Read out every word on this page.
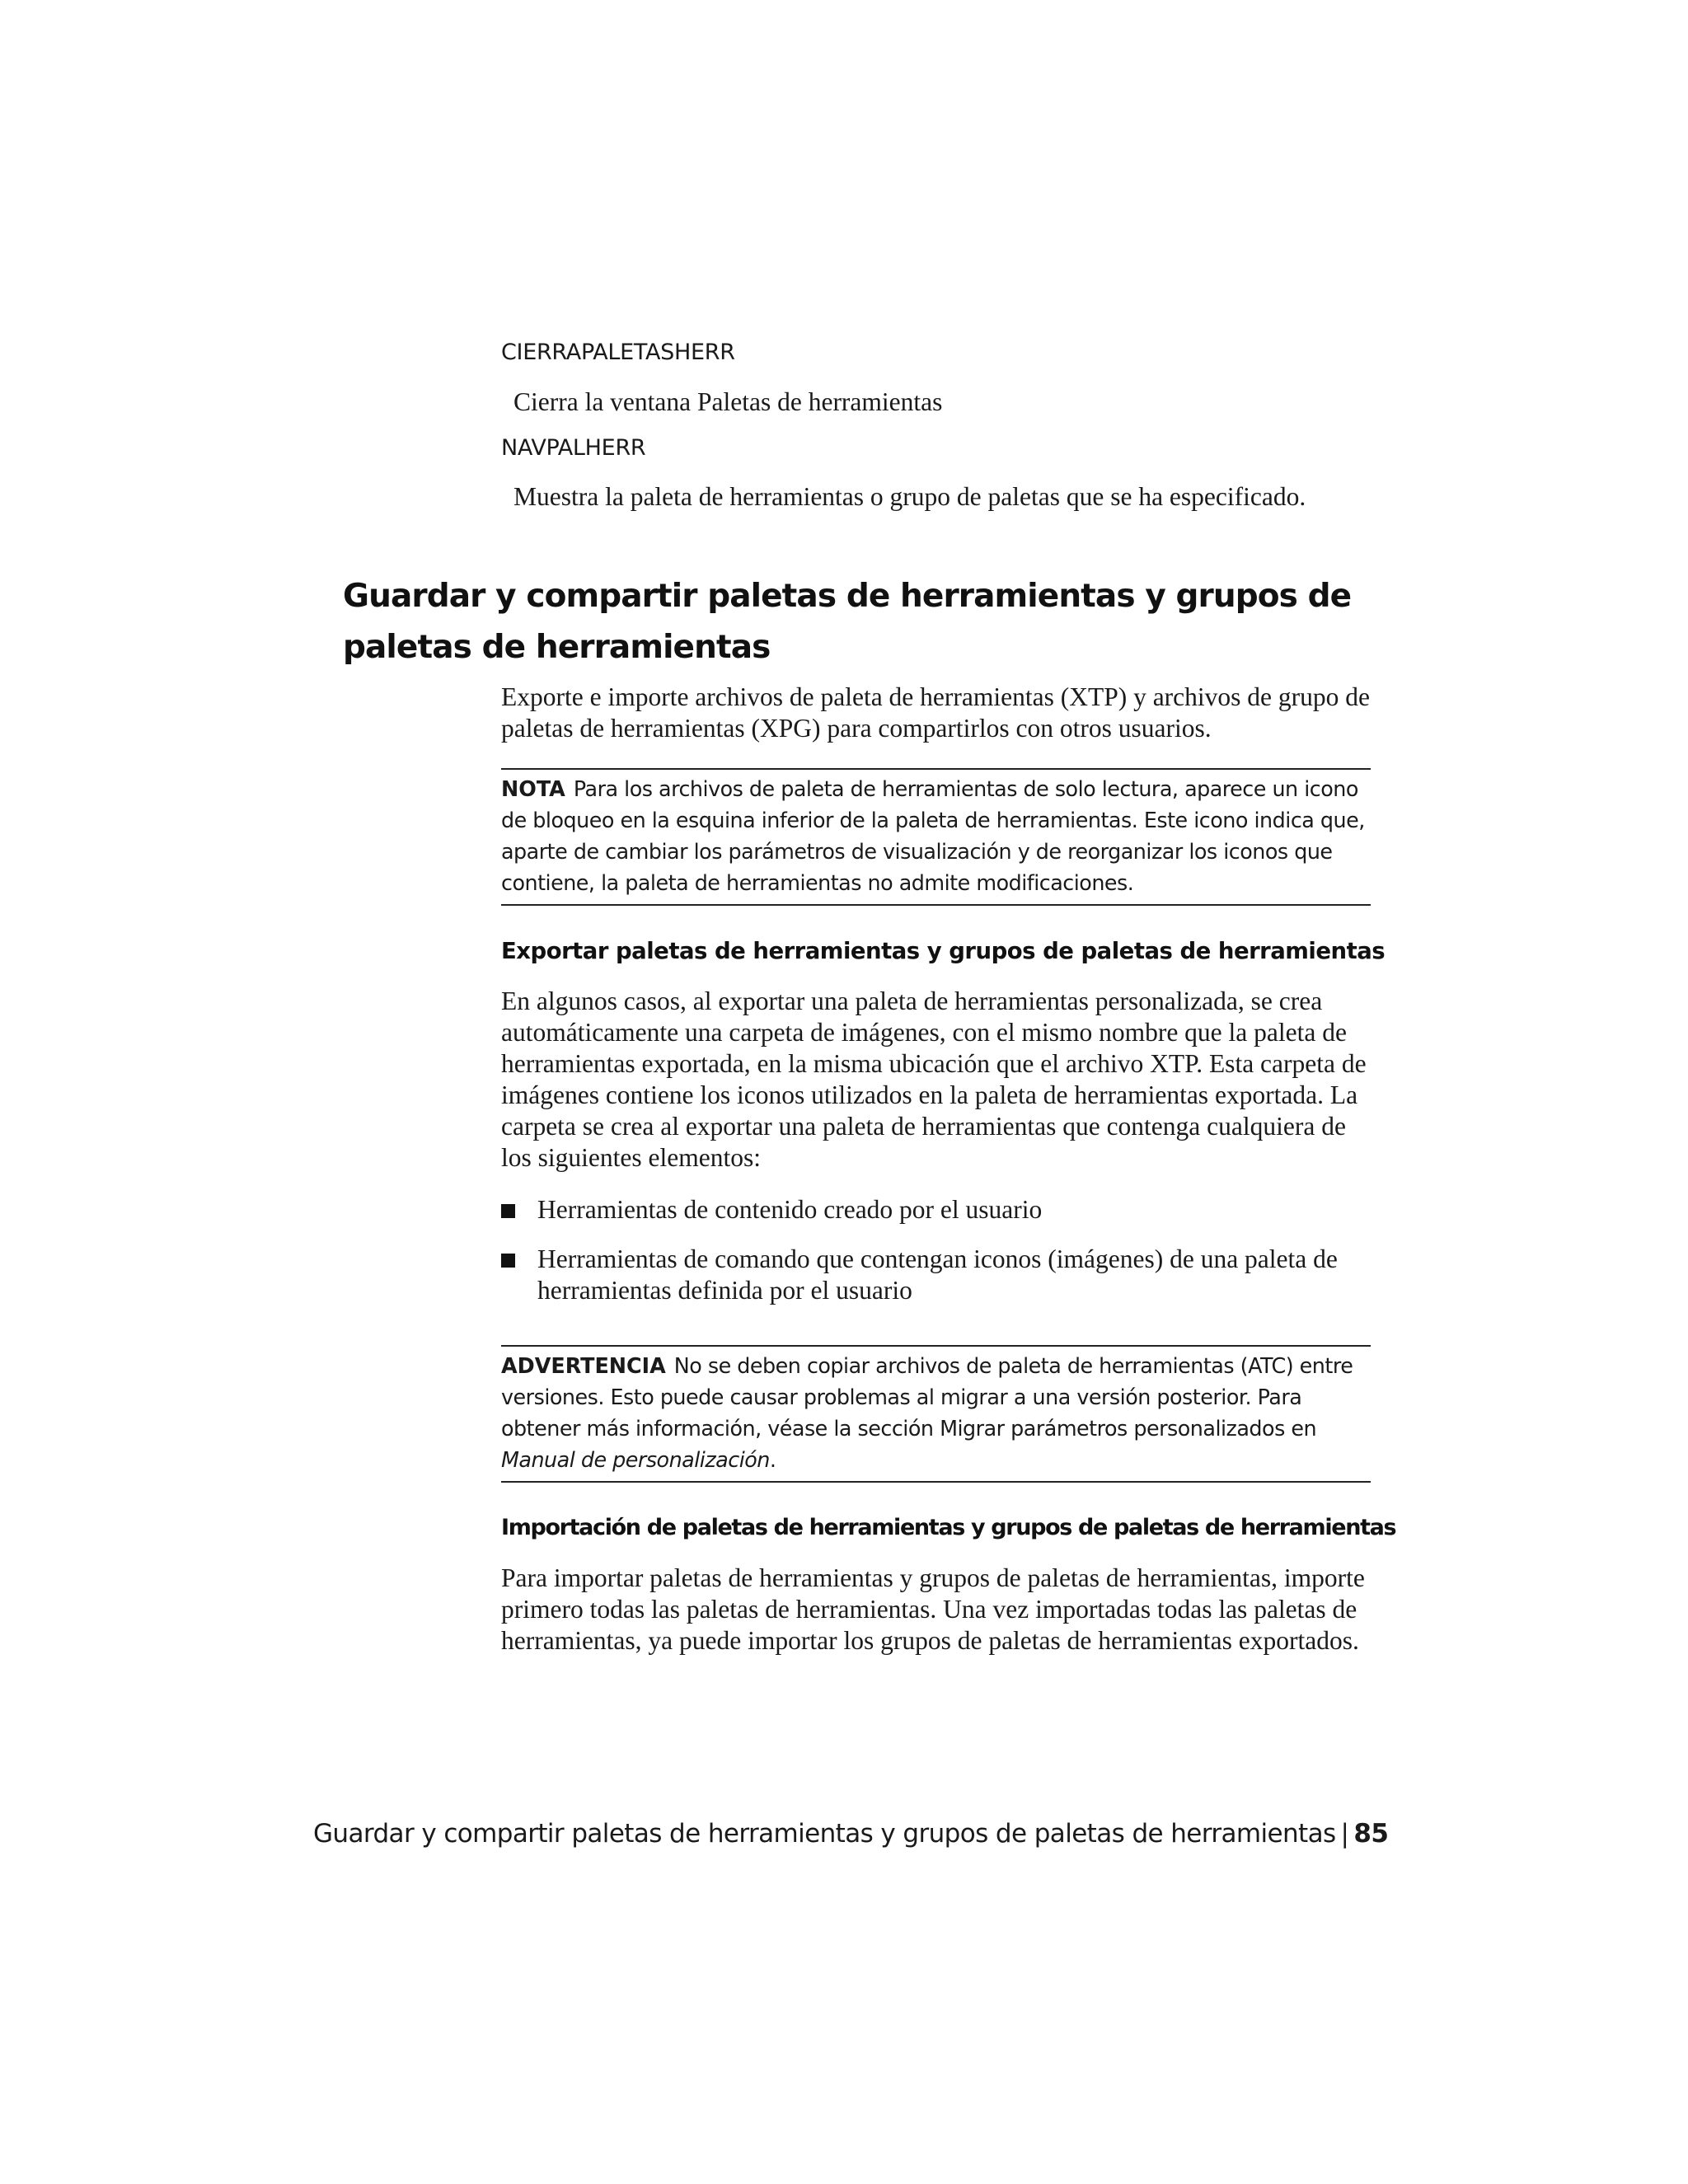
CIERRAPALETASHERR
Cierra la ventana Paletas de herramientas
NAVPALHERR
Muestra la paleta de herramientas o grupo de paletas que se ha especificado.
Guardar y compartir paletas de herramientas y grupos de paletas de herramientas

Exporte e importe archivos de paleta de herramientas (XTP) y archivos de grupo de paletas de herramientas (XPG) para compartirlos con otros usuarios.

NOTA Para los archivos de paleta de herramientas de solo lectura, aparece un icono de bloqueo en la esquina inferior de la paleta de herramientas. Este icono indica que, aparte de cambiar los parámetros de visualización y de reorganizar los iconos que contiene, la paleta de herramientas no admite modificaciones.

Exportar paletas de herramientas y grupos de paletas de herramientas

En algunos casos, al exportar una paleta de herramientas personalizada, se crea automáticamente una carpeta de imágenes, con el mismo nombre que la paleta de herramientas exportada, en la misma ubicación que el archivo XTP. Esta carpeta de imágenes contiene los iconos utilizados en la paleta de herramientas exportada. La carpeta se crea al exportar una paleta de herramientas que contenga cualquiera de los siguientes elementos:

Herramientas de contenido creado por el usuario
Herramientas de comando que contengan iconos (imágenes) de una paleta de herramientas definida por el usuario

ADVERTENCIA No se deben copiar archivos de paleta de herramientas (ATC) entre versiones. Esto puede causar problemas al migrar a una versión posterior. Para obtener más información, véase la sección Migrar parámetros personalizados en Manual de personalización.

Importación de paletas de herramientas y grupos de paletas de herramientas

Para importar paletas de herramientas y grupos de paletas de herramientas, importe primero todas las paletas de herramientas. Una vez importadas todas las paletas de herramientas, ya puede importar los grupos de paletas de herramientas exportados.

Guardar y compartir paletas de herramientas y grupos de paletas de herramientas | 85
